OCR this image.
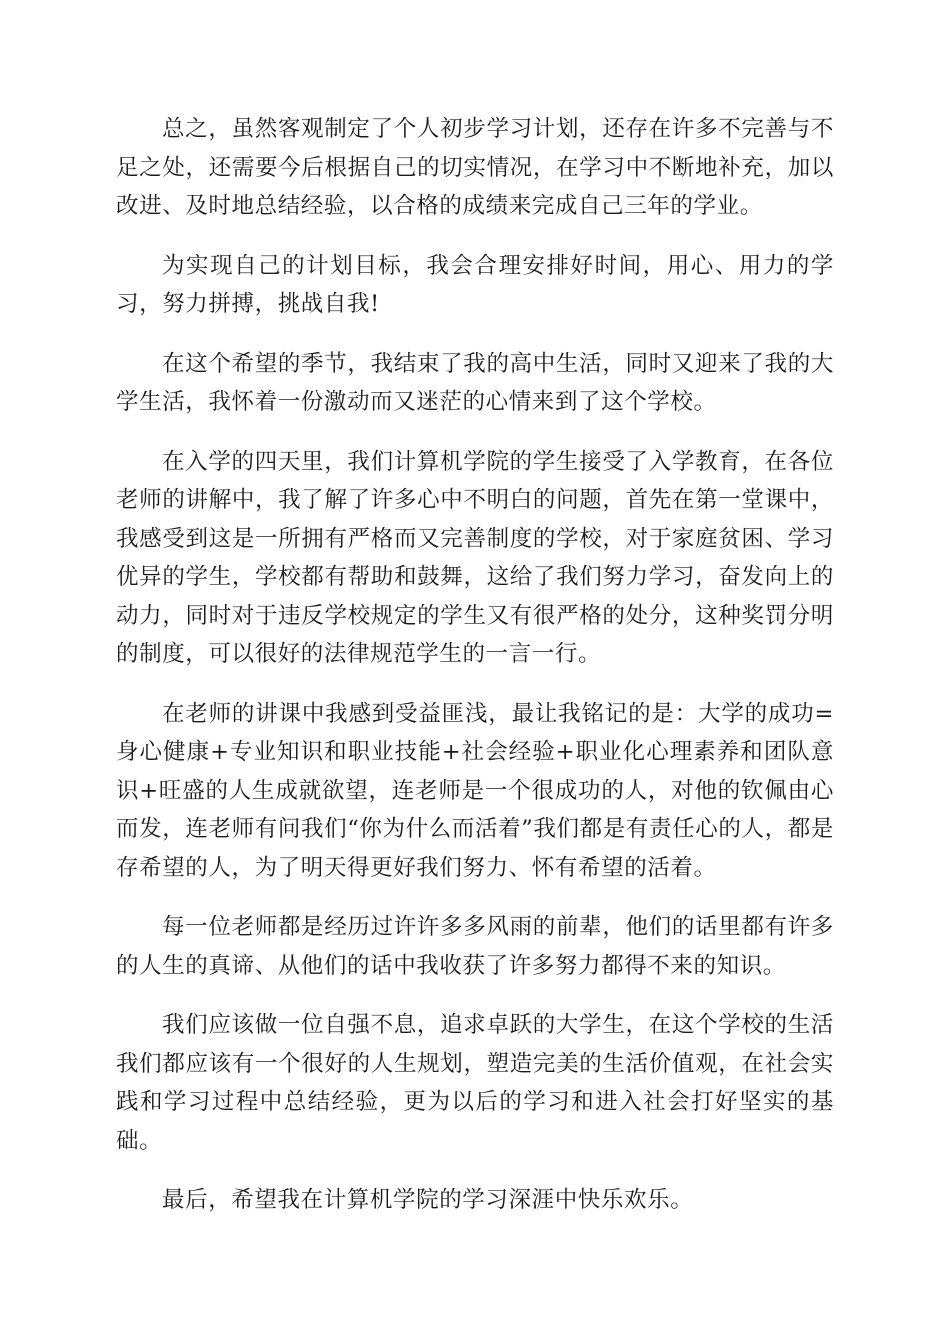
总之，虽然客观制定了个人初步学习计划，还存在许多不完善与不足之处，还需要今后根据自己的切实情况，在学习中不断地补充，加以改进、及时地总结经验，以合格的成绩来完成自己三年的学业。

为实现自己的计划目标，我会合理安排好时间，用心、用力的学习，努力拼搏，挑战自我!

在这个希望的季节，我结束了我的高中生活，同时又迎来了我的大学生活，我怀着一份激动而又迷茫的心情来到了这个学校。

在入学的四天里，我们计算机学院的学生接受了入学教育，在各位老师的讲解中，我了解了许多心中不明白的问题，首先在第一堂课中，我感受到这是一所拥有严格而又完善制度的学校，对于家庭贫困、学习优异的学生，学校都有帮助和鼓舞，这给了我们努力学习，奋发向上的动力，同时对于违反学校规定的学生又有很严格的处分，这种奖罚分明的制度，可以很好的法律规范学生的一言一行。

在老师的讲课中我感到受益匪浅，最让我铭记的是：大学的成功=身心健康+专业知识和职业技能+社会经验+职业化心理素养和团队意识+旺盛的人生成就欲望，连老师是一个很成功的人，对他的钦佩由心而发，连老师有问我们“你为什么而活着”我们都是有责任心的人，都是存希望的人，为了明天得更好我们努力、怀有希望的活着。

每一位老师都是经历过许许多多风雨的前辈，他们的话里都有许多的人生的真谛、从他们的话中我收获了许多努力都得不来的知识。

我们应该做一位自强不息，追求卓跃的大学生，在这个学校的生活我们都应该有一个很好的人生规划，塑造完美的生活价值观，在社会实践和学习过程中总结经验，更为以后的学习和进入社会打好坚实的基础。

最后，希望我在计算机学院的学习深涯中快乐欢乐。
